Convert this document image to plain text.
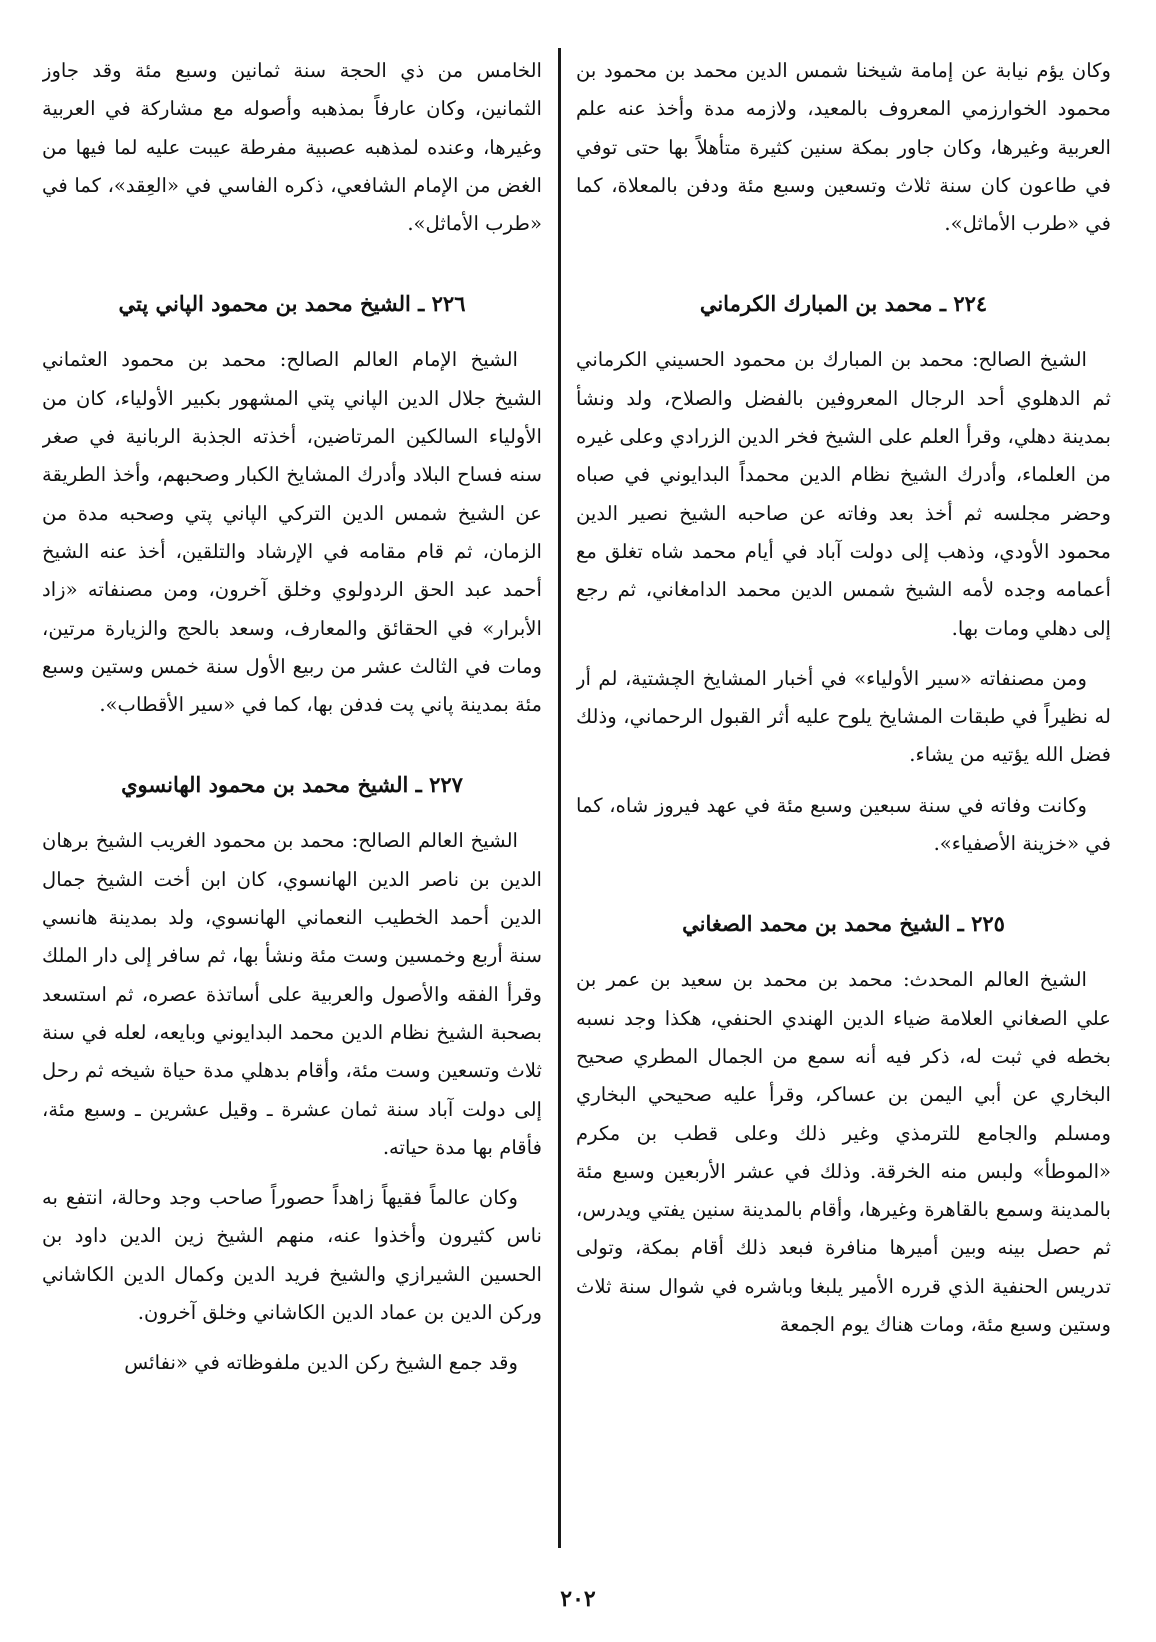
وكان يؤم نيابة عن إمامة شيخنا شمس الدين محمد بن محمود بن محمود الخوارزمي المعروف بالمعيد، ولازمه مدة وأخذ عنه علم العربية وغيرها، وكان جاور بمكة سنين كثيرة متأهلاً بها حتى توفي في طاعون كان سنة ثلاث وتسعين وسبع مئة ودفن بالمعلاة، كما في «طرب الأماثل».

٢٢٤ ـ محمد بن المبارك الكرماني

الشيخ الصالح: محمد بن المبارك بن محمود الحسيني الكرماني ثم الدهلوي أحد الرجال المعروفين بالفضل والصلاح، ولد ونشأ بمدينة دهلي، وقرأ العلم على الشيخ فخر الدين الزرادي وعلى غيره من العلماء، وأدرك الشيخ نظام الدين محمداً البدايوني في صباه وحضر مجلسه ثم أخذ بعد وفاته عن صاحبه الشيخ نصير الدين محمود الأودي، وذهب إلى دولت آباد في أيام محمد شاه تغلق مع أعمامه وجده لأمه الشيخ شمس الدين محمد الدامغاني، ثم رجع إلى دهلي ومات بها.

ومن مصنفاته «سير الأولياء» في أخبار المشايخ الچشتية، لم أر له نظيراً في طبقات المشايخ يلوح عليه أثر القبول الرحماني، وذلك فضل الله يؤتيه من يشاء.

وكانت وفاته في سنة سبعين وسبع مئة في عهد فيروز شاه، كما في «خزينة الأصفياء».

٢٢٥ ـ الشيخ محمد بن محمد الصغاني

الشيخ العالم المحدث: محمد بن محمد بن سعيد بن عمر بن علي الصغاني العلامة ضياء الدين الهندي الحنفي، هكذا وجد نسبه بخطه في ثبت له، ذكر فيه أنه سمع من الجمال المطري صحيح البخاري عن أبي اليمن بن عساكر، وقرأ عليه صحيحي البخاري ومسلم والجامع للترمذي وغير ذلك وعلى قطب بن مكرم «الموطأ» ولبس منه الخرقة. وذلك في عشر الأربعين وسبع مئة بالمدينة وسمع بالقاهرة وغيرها، وأقام بالمدينة سنين يفتي ويدرس، ثم حصل بينه وبين أميرها منافرة فبعد ذلك أقام بمكة، وتولى تدريس الحنفية الذي قرره الأمير يلبغا وباشره في شوال سنة ثلاث وستين وسبع مئة، ومات هناك يوم الجمعة

الخامس من ذي الحجة سنة ثمانين وسبع مئة وقد جاوز الثمانين، وكان عارفاً بمذهبه وأصوله مع مشاركة في العربية وغيرها، وعنده لمذهبه عصبية مفرطة عيبت عليه لما فيها من الغض من الإمام الشافعي، ذكره الفاسي في «العِقد»، كما في «طرب الأماثل».

٢٢٦ ـ الشيخ محمد بن محمود الپاني پتي

الشيخ الإمام العالم الصالح: محمد بن محمود العثماني الشيخ جلال الدين الپاني پتي المشهور بكبير الأولياء، كان من الأولياء السالكين المرتاضين، أخذته الجذبة الربانية في صغر سنه فساح البلاد وأدرك المشايخ الكبار وصحبهم، وأخذ الطريقة عن الشيخ شمس الدين التركي الپاني پتي وصحبه مدة من الزمان، ثم قام مقامه في الإرشاد والتلقين، أخذ عنه الشيخ أحمد عبد الحق الردولوي وخلق آخرون، ومن مصنفاته «زاد الأبرار» في الحقائق والمعارف، وسعد بالحج والزيارة مرتين، ومات في الثالث عشر من ربيع الأول سنة خمس وستين وسبع مئة بمدينة پاني پت فدفن بها، كما في «سير الأقطاب».

٢٢٧ ـ الشيخ محمد بن محمود الهانسوي

الشيخ العالم الصالح: محمد بن محمود الغريب الشيخ برهان الدين بن ناصر الدين الهانسوي، كان ابن أخت الشيخ جمال الدين أحمد الخطيب النعماني الهانسوي، ولد بمدينة هانسي سنة أربع وخمسين وست مئة ونشأ بها، ثم سافر إلى دار الملك وقرأ الفقه والأصول والعربية على أساتذة عصره، ثم استسعد بصحبة الشيخ نظام الدين محمد البدايوني وبايعه، لعله في سنة ثلاث وتسعين وست مئة، وأقام بدهلي مدة حياة شيخه ثم رحل إلى دولت آباد سنة ثمان عشرة ـ وقيل عشرين ـ وسبع مئة، فأقام بها مدة حياته.

وكان عالماً فقيهاً زاهداً حصوراً صاحب وجد وحالة، انتفع به ناس كثيرون وأخذوا عنه، منهم الشيخ زين الدين داود بن الحسين الشيرازي والشيخ فريد الدين وكمال الدين الكاشاني وركن الدين بن عماد الدين الكاشاني وخلق آخرون.

وقد جمع الشيخ ركن الدين ملفوظاته في «نفائس

٢٠٢
